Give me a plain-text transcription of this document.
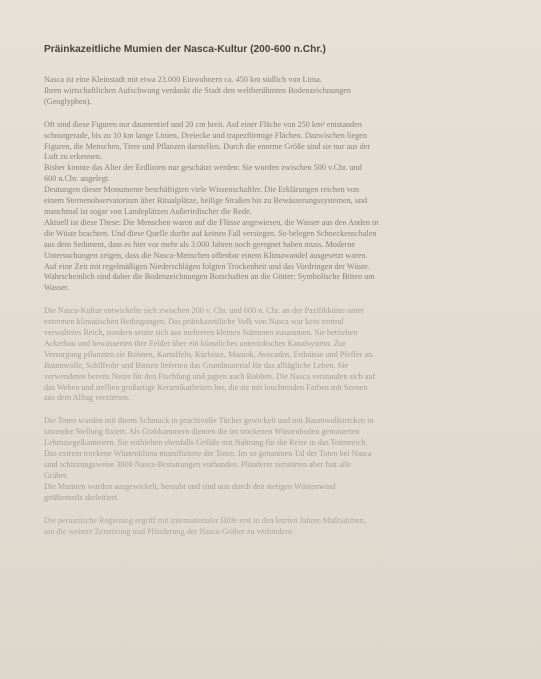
Präinkazeitliche Mumien der Nasca-Kultur (200-600 n.Chr.)
Nasca ist eine Kleinstadt mit etwa 23.000 Einwohnern ca. 450 km südlich von Lima.
Ihren wirtschaftlichen Aufschwung verdankt die Stadt den weltberühmten Bodenzeichnungen
(Geoglyphen).
Oft sind diese Figuren nur daumentief und 20 cm breit. Auf einer Fläche von 250 km² entstanden
schnurgerade, bis zu 10 km lange Linien, Dreiecke und trapezförmige Flächen. Dazwischen liegen
Figuren, die Menschen, Tiere und Pflanzen darstellen. Durch die enorme Größe sind sie nur aus der
Luft zu erkennen.
Bisher konnte das Alter der Erdlinien nur geschätzt werden: Sie wurden zwischen 500 v.Chr. und
600 n.Chr. angelegt.
Deutungen dieser Monumente beschäftigten viele Wissenschaftler. Die Erklärungen reichen von
einem Sternenobservatorium über Ritualplätze, heilige Straßen bis zu Bewässerungssystemen, und
manchmal ist sogar von Landeplätzen Außerirdischer die Rede.
Aktuell ist diese These: Die Menschen waren auf die Flüsse angewiesen, die Wasser aus den Anden in
die Wüste brachten. Und diese Quelle durfte auf keinen Fall versiegen. So belegen Schneckenschalen
aus dem Sediment, dass es hier vor mehr als 3.000 Jahren noch geregnet haben muss. Moderne
Untersuchungen zeigen, dass die Nasca-Menschen offenbar einem Klimawandel ausgesetzt waren.
Auf eine Zeit mit regelmäßigen Niederschlägen folgten Trockenheit und das Vordringen der Wüste.
Wahrscheinlich sind daher die Bodenzeichnungen Botschaften an die Götter: Symbolische Bitten um
Wasser.
Die Nasca-Kultur entwickelte sich zwischen 200 v. Chr. und 600 n. Chr. an der Pazifikküste unter
extremen klimatischen Bedingungen. Das präinkazeitliche Volk von Nasca war kein zentral
verwaltetes Reich, sondern setzte sich aus mehreren kleinen Stämmen zusammen. Sie betrieben
Ackerbau und bewässerten ihre Felder über ein künstliches unterirdisches Kanalsystem. Zur
Versorgung pflanzten sie Bohnen, Kartoffeln, Kürbisse, Maniok, Avocados, Erdnüsse und Pfeffer an.
Baumwolle, Schilfrohr und Binsen lieferten das Grundmaterial für das alltägliche Leben. Sie
verwendeten bereits Netze für den Fischfang und jagten auch Robben. Die Nasca verstanden sich auf
das Weben und stellten großartige Keramikarbeiten her, die sie mit leuchtenden Farben mit Szenen
aus dem Alltag verzierten.
Die Toten wurden mit ihrem Schmuck in prachtvolle Tücher gewickelt und mit Baumwollstricken in
sitzender Stellung fixiert. Als Grabkammern dienten die im trockenen Wüstenboden gemauerten
Lehmziegelkammern. Sie enthielten ebenfalls Gefäße mit Nahrung für die Reise in das Totenreich.
Das extrem trockene Wüstenklima mumifizierte die Toten. Im so genannten Tal der Toten bei Nasca
sind schätzungsweise 3000 Nasca-Bestattungen vorhanden. Plünderer zerstörten aber fast alle
Gräber.
Die Mumien wurden ausgewickelt, beraubt und sind nun durch den stetigen Wüstenwind
größtenteils skelettiert.
Die peruanische Regierung ergriff mit internationaler Hilfe erst in den letzten Jahren Maßnahmen,
um die weitere Zerstörung und Plünderung der Nasca-Gräber zu verhindern.
